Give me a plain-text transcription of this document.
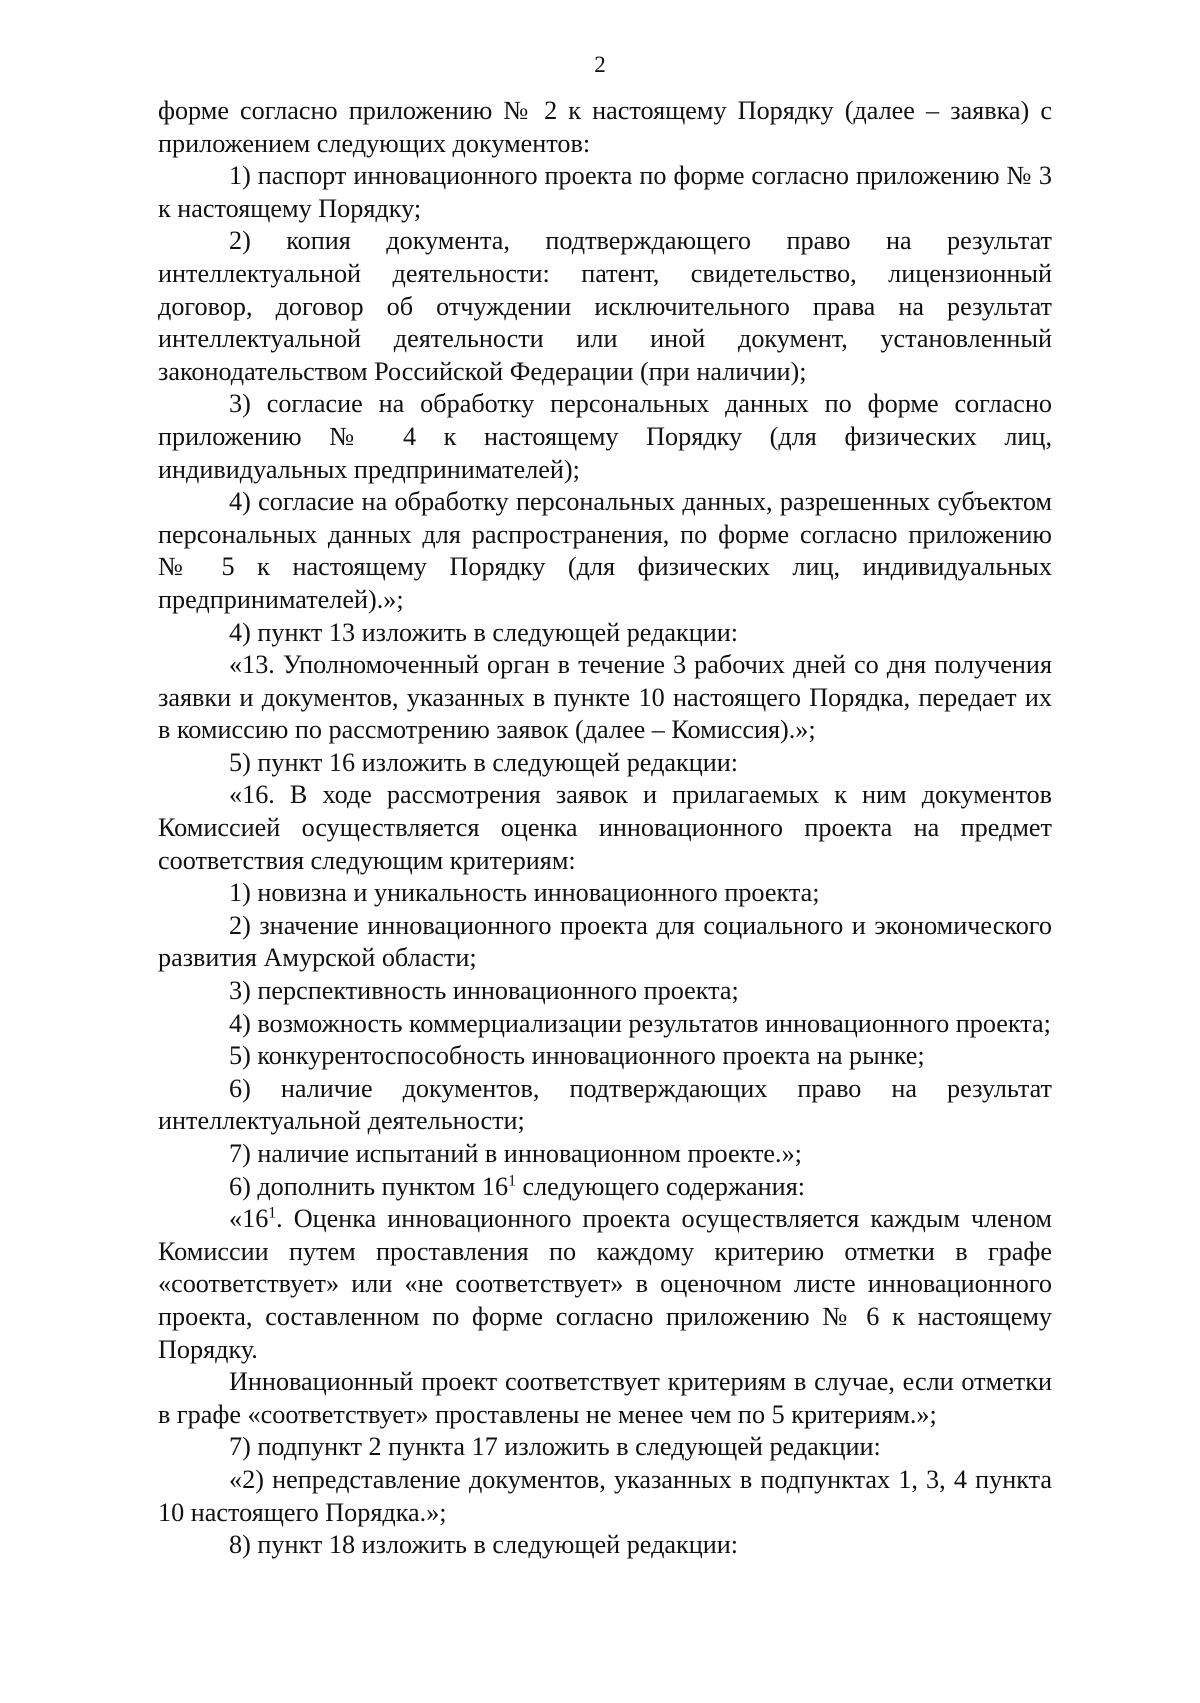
2

форме согласно приложению № 2 к настоящему Порядку (далее – заявка) с приложением следующих документов:

1) паспорт инновационного проекта по форме согласно приложению № 3 к настоящему Порядку;

2) копия документа, подтверждающего право на результат интеллектуальной деятельности: патент, свидетельство, лицензионный договор, договор об отчуждении исключительного права на результат интеллектуальной деятельности или иной документ, установленный законодательством Российской Федерации (при наличии);

3) согласие на обработку персональных данных по форме согласно приложению № 4 к настоящему Порядку (для физических лиц, индивидуальных предпринимателей);

4) согласие на обработку персональных данных, разрешенных субъектом персональных данных для распространения, по форме согласно приложению № 5 к настоящему Порядку (для физических лиц, индивидуальных предпринимателей).»;

4) пункт 13 изложить в следующей редакции:

«13. Уполномоченный орган в течение 3 рабочих дней со дня получения заявки и документов, указанных в пункте 10 настоящего Порядка, передает их в комиссию по рассмотрению заявок (далее – Комиссия).»;

5) пункт 16 изложить в следующей редакции:

«16. В ходе рассмотрения заявок и прилагаемых к ним документов Комиссией осуществляется оценка инновационного проекта на предмет соответствия следующим критериям:

1) новизна и уникальность инновационного проекта;

2) значение инновационного проекта для социального и экономического развития Амурской области;

3) перспективность инновационного проекта;

4) возможность коммерциализации результатов инновационного проекта;

5) конкурентоспособность инновационного проекта на рынке;

6) наличие документов, подтверждающих право на результат интеллектуальной деятельности;

7) наличие испытаний в инновационном проекте.»;

6) дополнить пунктом $16^1$ следующего содержания:

«$16^1$. Оценка инновационного проекта осуществляется каждым членом Комиссии путем проставления по каждому критерию отметки в графе «соответствует» или «не соответствует» в оценочном листе инновационного проекта, составленном по форме согласно приложению № 6 к настоящему Порядку.

Инновационный проект соответствует критериям в случае, если отметки в графе «соответствует» проставлены не менее чем по 5 критериям.»;

7) подпункт 2 пункта 17 изложить в следующей редакции:

«2) непредставление документов, указанных в подпунктах 1, 3, 4 пункта 10 настоящего Порядка.»;

8) пункт 18 изложить в следующей редакции:
